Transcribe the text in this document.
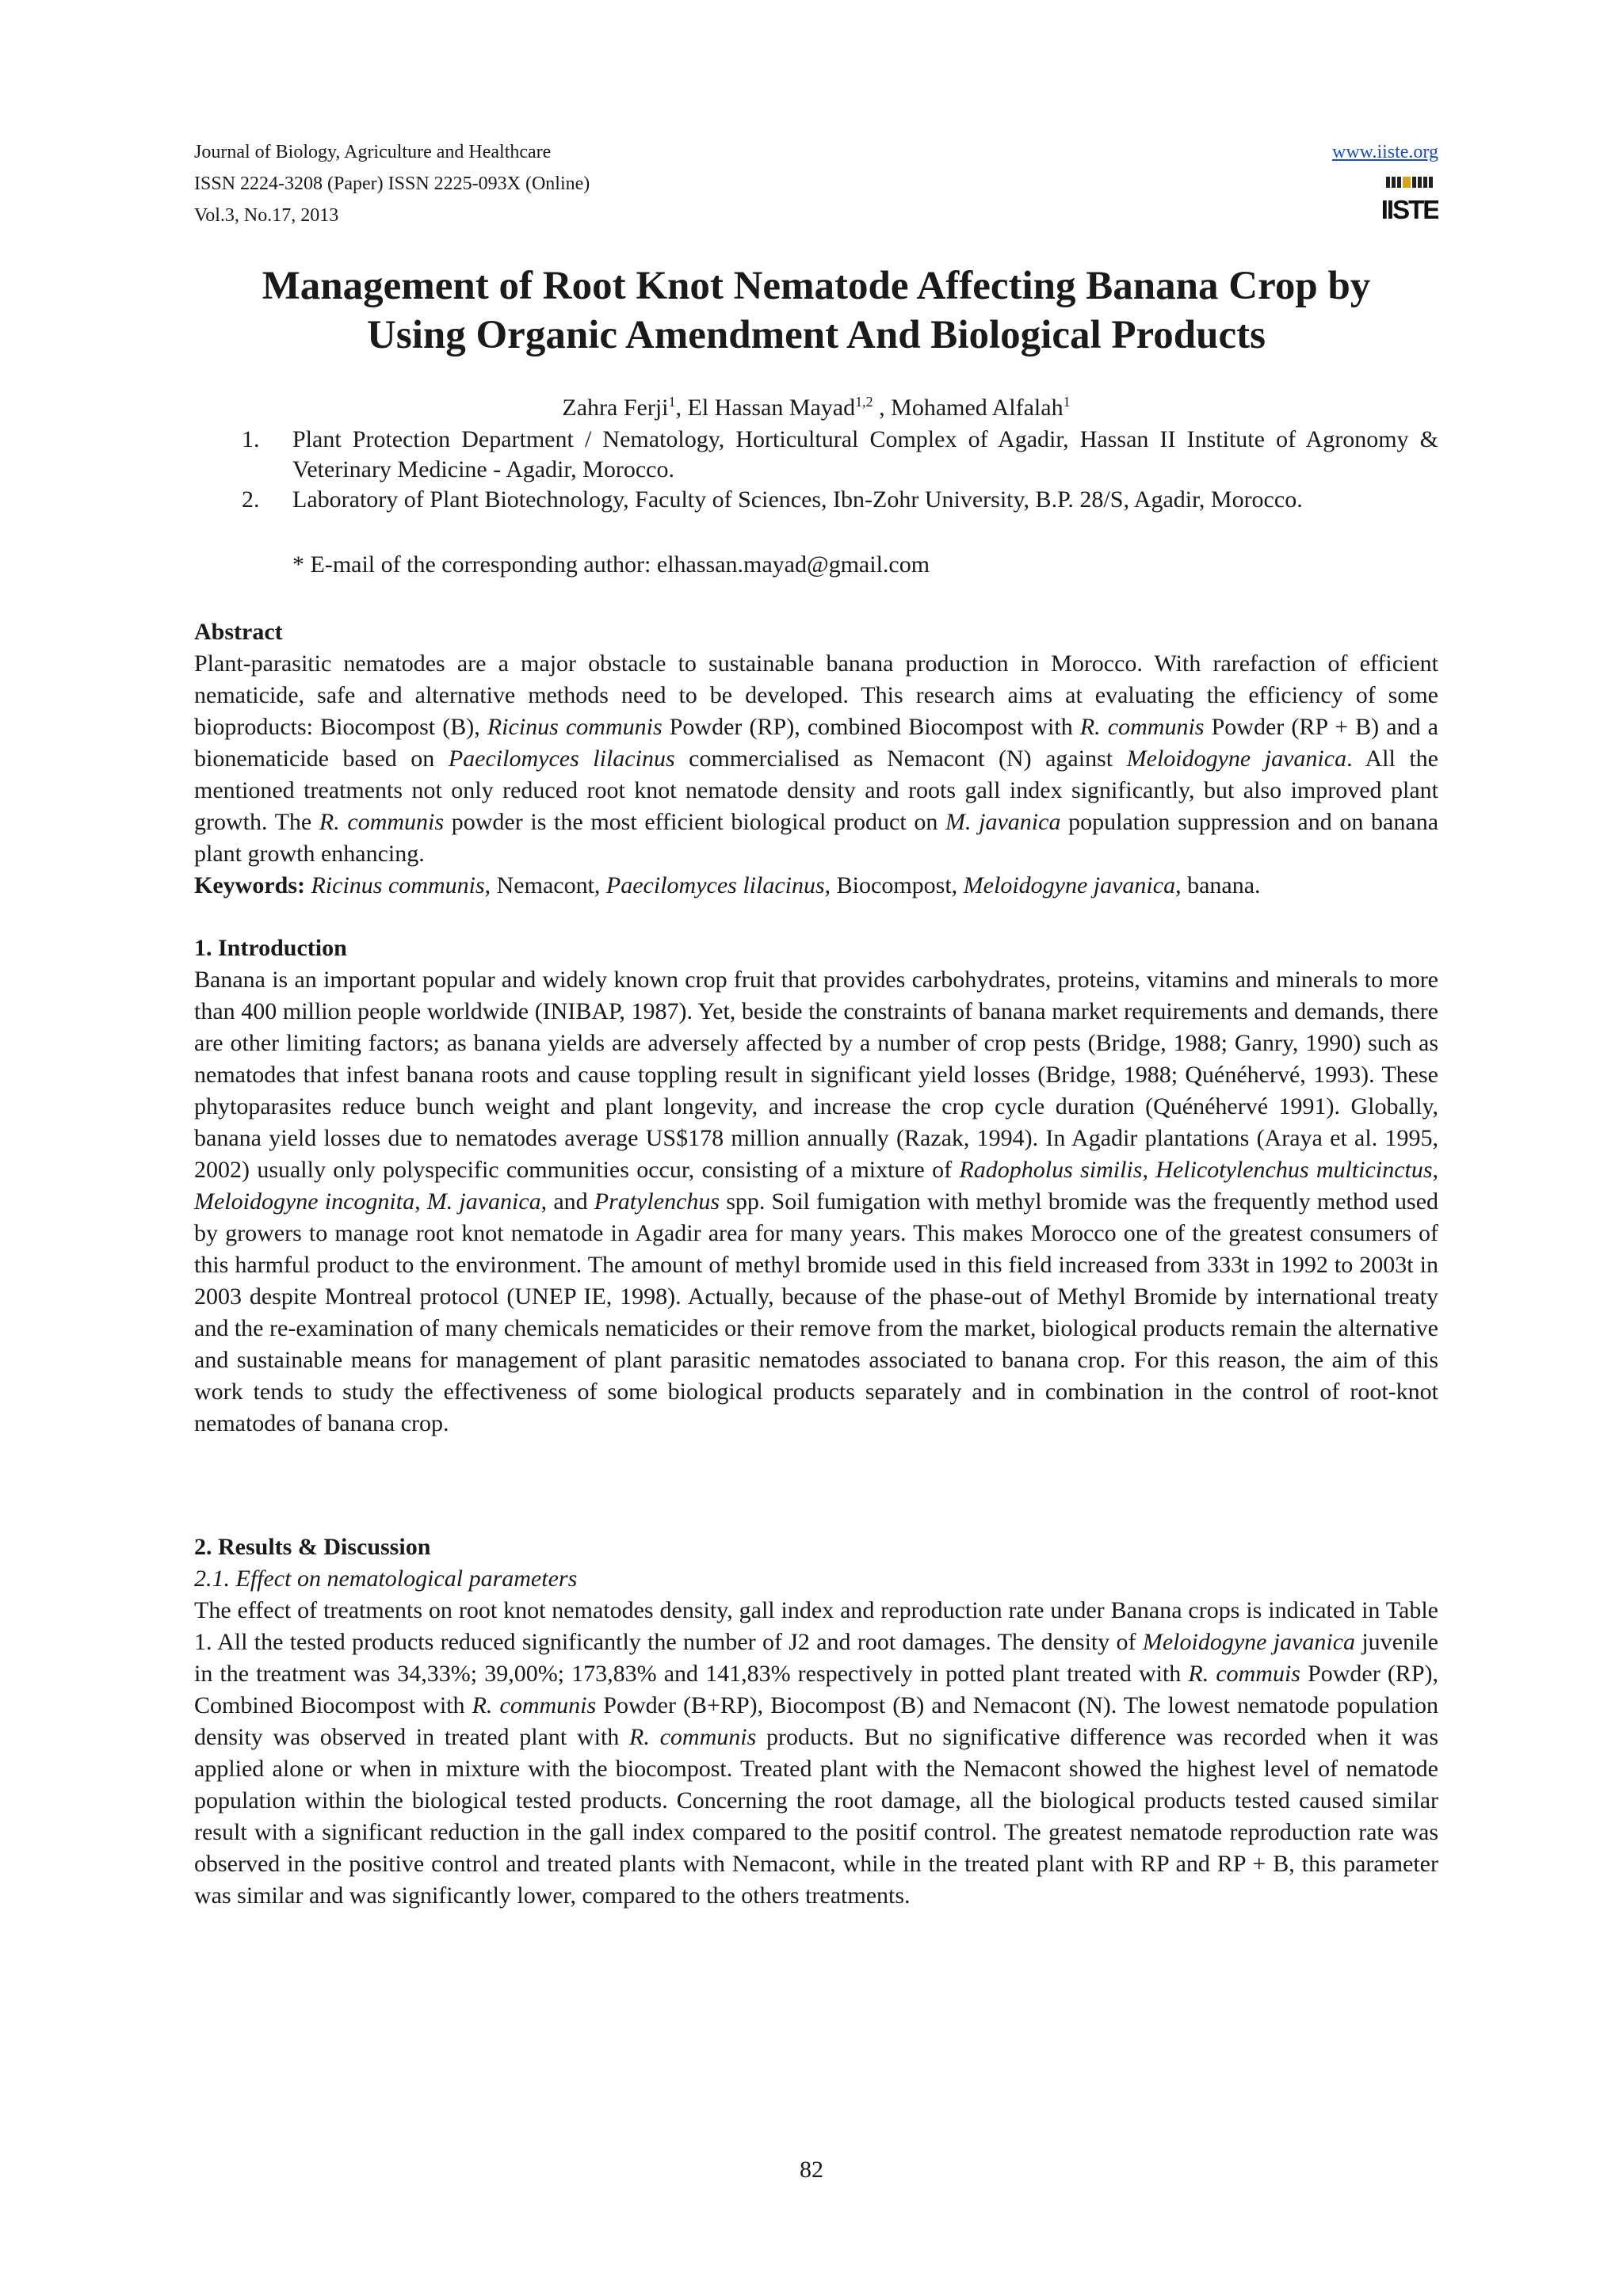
Journal of Biology, Agriculture and Healthcare
ISSN 2224-3208 (Paper) ISSN 2225-093X (Online)
Vol.3, No.17, 2013
www.iiste.org
IISTE
Management of Root Knot Nematode Affecting Banana Crop by
Using Organic Amendment And Biological Products
Zahra Ferji$^1$, El Hassan Mayad$^{1,2}$ , Mohamed Alfalah$^1$
1. Plant Protection Department / Nematology, Horticultural Complex of Agadir, Hassan II Institute of Agronomy & Veterinary Medicine - Agadir, Morocco.
2. Laboratory of Plant Biotechnology, Faculty of Sciences, Ibn-Zohr University, B.P. 28/S, Agadir, Morocco.
* E-mail of the corresponding author: elhassan.mayad@gmail.com
Abstract

Plant-parasitic nematodes are a major obstacle to sustainable banana production in Morocco. With rarefaction of efficient nematicide, safe and alternative methods need to be developed. This research aims at evaluating the efficiency of some bioproducts: Biocompost (B), Ricinus communis Powder (RP), combined Biocompost with R. communis Powder (RP + B) and a bionematicide based on Paecilomyces lilacinus commercialised as Nemacont (N) against Meloidogyne javanica. All the mentioned treatments not only reduced root knot nematode density and roots gall index significantly, but also improved plant growth. The R. communis powder is the most efficient biological product on M. javanica population suppression and on banana plant growth enhancing.

Keywords: Ricinus communis, Nemacont, Paecilomyces lilacinus, Biocompost, Meloidogyne javanica, banana.

1. Introduction

Banana is an important popular and widely known crop fruit that provides carbohydrates, proteins, vitamins and minerals to more than 400 million people worldwide (INIBAP, 1987). Yet, beside the constraints of banana market requirements and demands, there are other limiting factors; as banana yields are adversely affected by a number of crop pests (Bridge, 1988; Ganry, 1990) such as nematodes that infest banana roots and cause toppling result in significant yield losses (Bridge, 1988; Quénéhervé, 1993). These phytoparasites reduce bunch weight and plant longevity, and increase the crop cycle duration (Quénéhervé 1991). Globally, banana yield losses due to nematodes average US$178 million annually (Razak, 1994). In Agadir plantations (Araya et al. 1995, 2002) usually only polyspecific communities occur, consisting of a mixture of Radopholus similis, Helicotylenchus multicinctus, Meloidogyne incognita, M. javanica, and Pratylenchus spp. Soil fumigation with methyl bromide was the frequently method used by growers to manage root knot nematode in Agadir area for many years. This makes Morocco one of the greatest consumers of this harmful product to the environment. The amount of methyl bromide used in this field increased from 333t in 1992 to 2003t in 2003 despite Montreal protocol (UNEP IE, 1998). Actually, because of the phase-out of Methyl Bromide by international treaty and the re-examination of many chemicals nematicides or their remove from the market, biological products remain the alternative and sustainable means for management of plant parasitic nematodes associated to banana crop. For this reason, the aim of this work tends to study the effectiveness of some biological products separately and in combination in the control of root-knot nematodes of banana crop.

2. Results & Discussion
2.1. Effect on nematological parameters

The effect of treatments on root knot nematodes density, gall index and reproduction rate under Banana crops is indicated in Table 1. All the tested products reduced significantly the number of J2 and root damages. The density of Meloidogyne javanica juvenile in the treatment was 34,33%; 39,00%; 173,83% and 141,83% respectively in potted plant treated with R. commuis Powder (RP), Combined Biocompost with R. communis Powder (B+RP), Biocompost (B) and Nemacont (N). The lowest nematode population density was observed in treated plant with R. communis products. But no significative difference was recorded when it was applied alone or when in mixture with the biocompost. Treated plant with the Nemacont showed the highest level of nematode population within the biological tested products. Concerning the root damage, all the biological products tested caused similar result with a significant reduction in the gall index compared to the positif control. The greatest nematode reproduction rate was observed in the positive control and treated plants with Nemacont, while in the treated plant with RP and RP + B, this parameter was similar and was significantly lower, compared to the others treatments.

82
